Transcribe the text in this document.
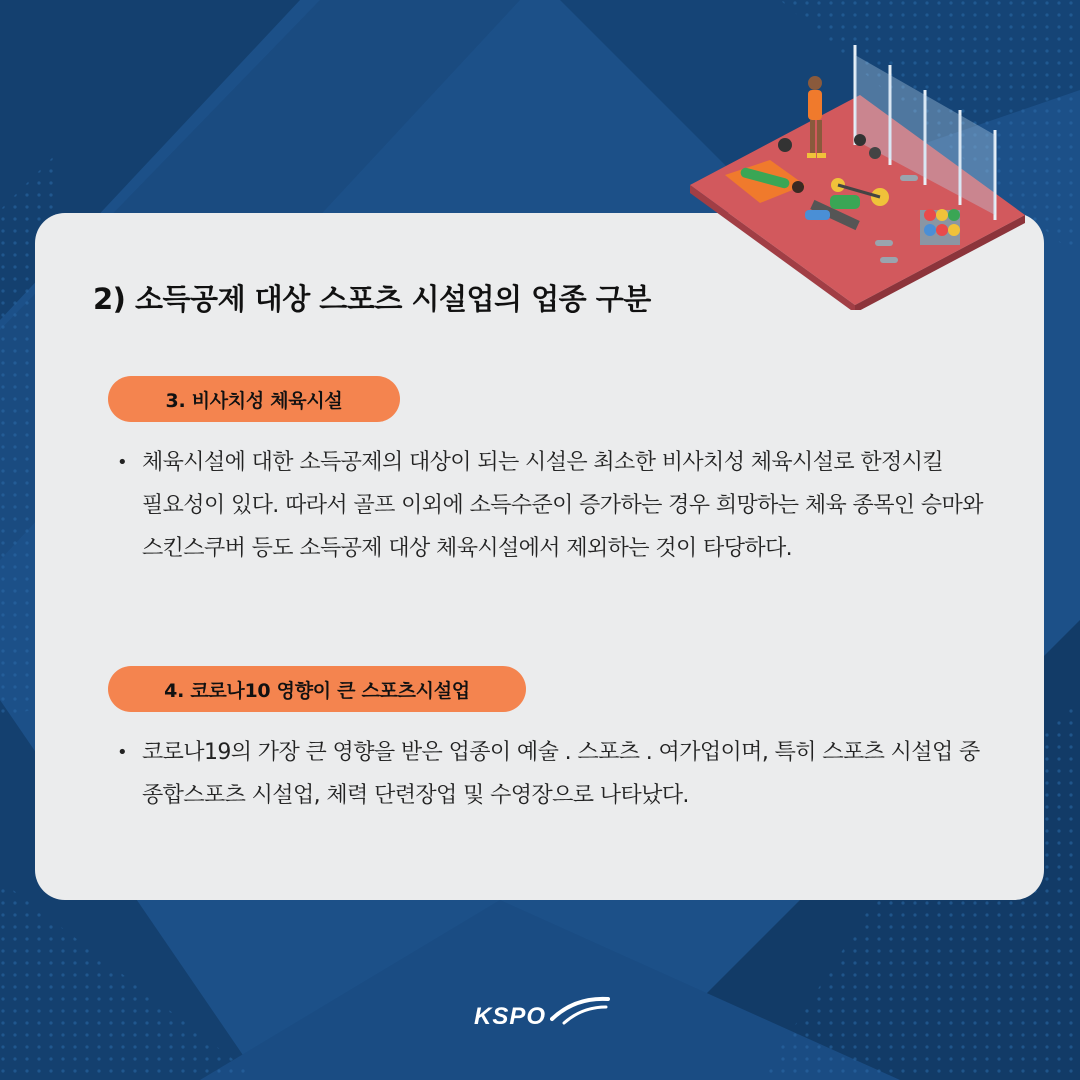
2) 소득공제 대상 스포츠 시설업의 업종 구분
3. 비사치성 체육시설
• 체육시설에 대한 소득공제의 대상이 되는 시설은 최소한 비사치성 체육시설로 한정시킬 필요성이 있다. 따라서 골프 이외에 소득수준이 증가하는 경우 희망하는 체육 종목인 승마와 스킨스쿠버 등도 소득공제 대상 체육시설에서 제외하는 것이 타당하다.
4. 코로나10 영향이 큰 스포츠시설업
• 코로나19의 가장 큰 영향을 받은 업종이 예술 . 스포츠 . 여가업이며, 특히 스포츠 시설업 중 종합스포츠 시설업, 체력 단련장업 및 수영장으로 나타났다.
KSPO
